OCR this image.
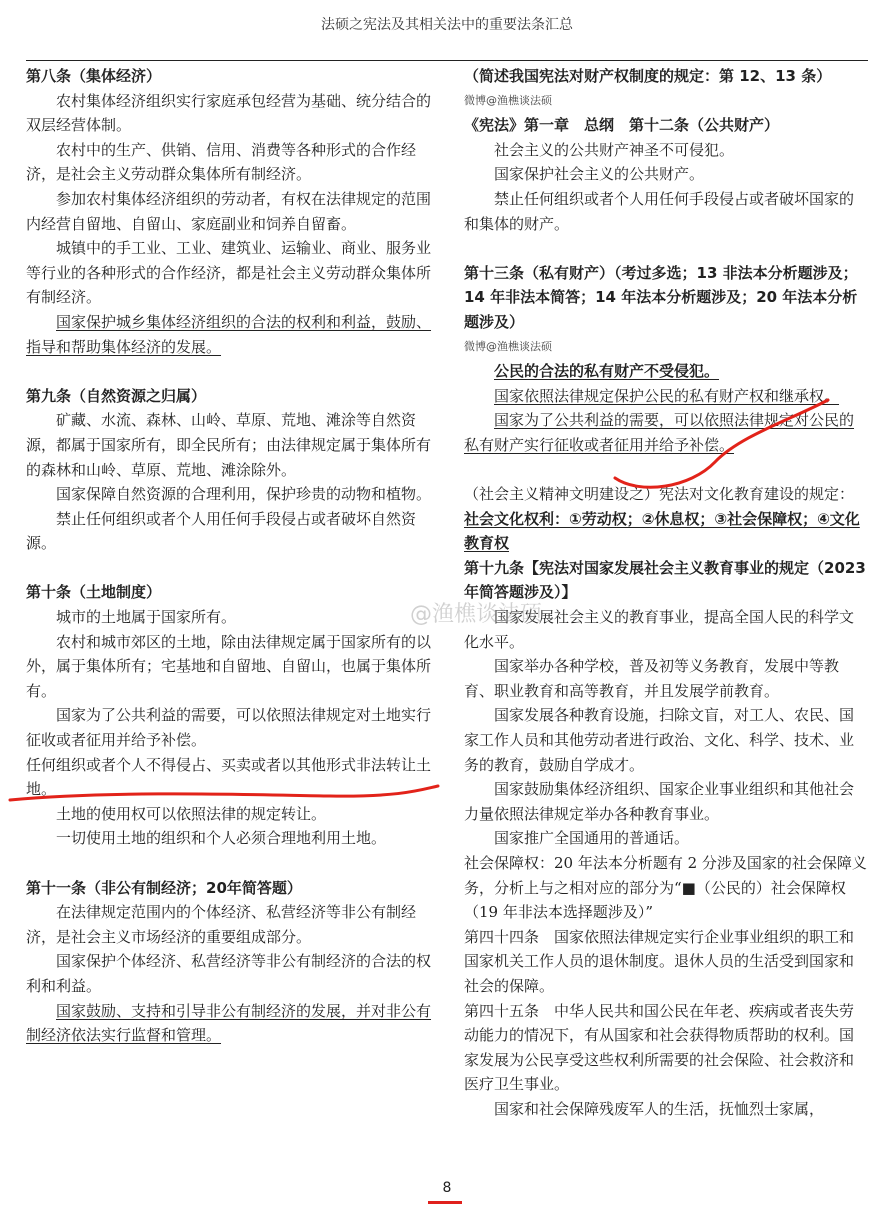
法硕之宪法及其相关法中的重要法条汇总
第八条（集体经济）
农村集体经济组织实行家庭承包经营为基础、统分结合的双层经营体制。
农村中的生产、供销、信用、消费等各种形式的合作经济，是社会主义劳动群众集体所有制经济。
参加农村集体经济组织的劳动者，有权在法律规定的范围内经营自留地、自留山、家庭副业和饲养自留畜。
城镇中的手工业、工业、建筑业、运输业、商业、服务业等行业的各种形式的合作经济，都是社会主义劳动群众集体所有制经济。
国家保护城乡集体经济组织的合法的权利和利益，鼓励、指导和帮助集体经济的发展。
第九条（自然资源之归属）
矿藏、水流、森林、山岭、草原、荒地、滩涂等自然资源，都属于国家所有，即全民所有；由法律规定属于集体所有的森林和山岭、草原、荒地、滩涂除外。
国家保障自然资源的合理利用，保护珍贵的动物和植物。
禁止任何组织或者个人用任何手段侵占或者破坏自然资源。
第十条（土地制度）
城市的土地属于国家所有。
农村和城市郊区的土地，除由法律规定属于国家所有的以外，属于集体所有；宅基地和自留地、自留山，也属于集体所有。
国家为了公共利益的需要，可以依照法律规定对土地实行征收或者征用并给予补偿。
任何组织或者个人不得侵占、买卖或者以其他形式非法转让土地。
土地的使用权可以依照法律的规定转让。
一切使用土地的组织和个人必须合理地利用土地。
第十一条（非公有制经济；20年简答题）
在法律规定范围内的个体经济、私营经济等非公有制经济，是社会主义市场经济的重要组成部分。
国家保护个体经济、私营经济等非公有制经济的合法的权利和利益。
国家鼓励、支持和引导非公有制经济的发展，并对非公有制经济依法实行监督和管理。
（简述我国宪法对财产权制度的规定：第 12、13 条）
微博@渔樵谈法硕
《宪法》第一章　总纲　第十二条（公共财产）
社会主义的公共财产神圣不可侵犯。
国家保护社会主义的公共财产。
禁止任何组织或者个人用任何手段侵占或者破坏国家的和集体的财产。
第十三条（私有财产）（考过多选；13 非法本分析题涉及；14 年非法本简答；14 年法本分析题涉及；20 年法本分析题涉及）
微博@渔樵谈法硕
公民的合法的私有财产不受侵犯。
国家依照法律规定保护公民的私有财产权和继承权。
国家为了公共利益的需要，可以依照法律规定对公民的私有财产实行征收或者征用并给予补偿。
（社会主义精神文明建设之）宪法对文化教育建设的规定：
社会文化权利：①劳动权；②休息权；③社会保障权；④文化教育权
第十九条【宪法对国家发展社会主义教育事业的规定（2023 年简答题涉及）】
国家发展社会主义的教育事业，提高全国人民的科学文化水平。
国家举办各种学校，普及初等义务教育，发展中等教育、职业教育和高等教育，并且发展学前教育。
国家发展各种教育设施，扫除文盲，对工人、农民、国家工作人员和其他劳动者进行政治、文化、科学、技术、业务的教育，鼓励自学成才。
国家鼓励集体经济组织、国家企业事业组织和其他社会力量依照法律规定举办各种教育事业。
国家推广全国通用的普通话。
社会保障权：20 年法本分析题有 2 分涉及国家的社会保障义务，分析上与之相对应的部分为“■（公民的）社会保障权（19 年非法本选择题涉及）”
第四十四条　国家依照法律规定实行企业事业组织的职工和国家机关工作人员的退休制度。退休人员的生活受到国家和社会的保障。
第四十五条　中华人民共和国公民在年老、疾病或者丧失劳动能力的情况下，有从国家和社会获得物质帮助的权利。国家发展为公民享受这些权利所需要的社会保险、社会救济和医疗卫生事业。
国家和社会保障残废军人的生活，抚恤烈士家属，
@渔樵谈法硕
8
